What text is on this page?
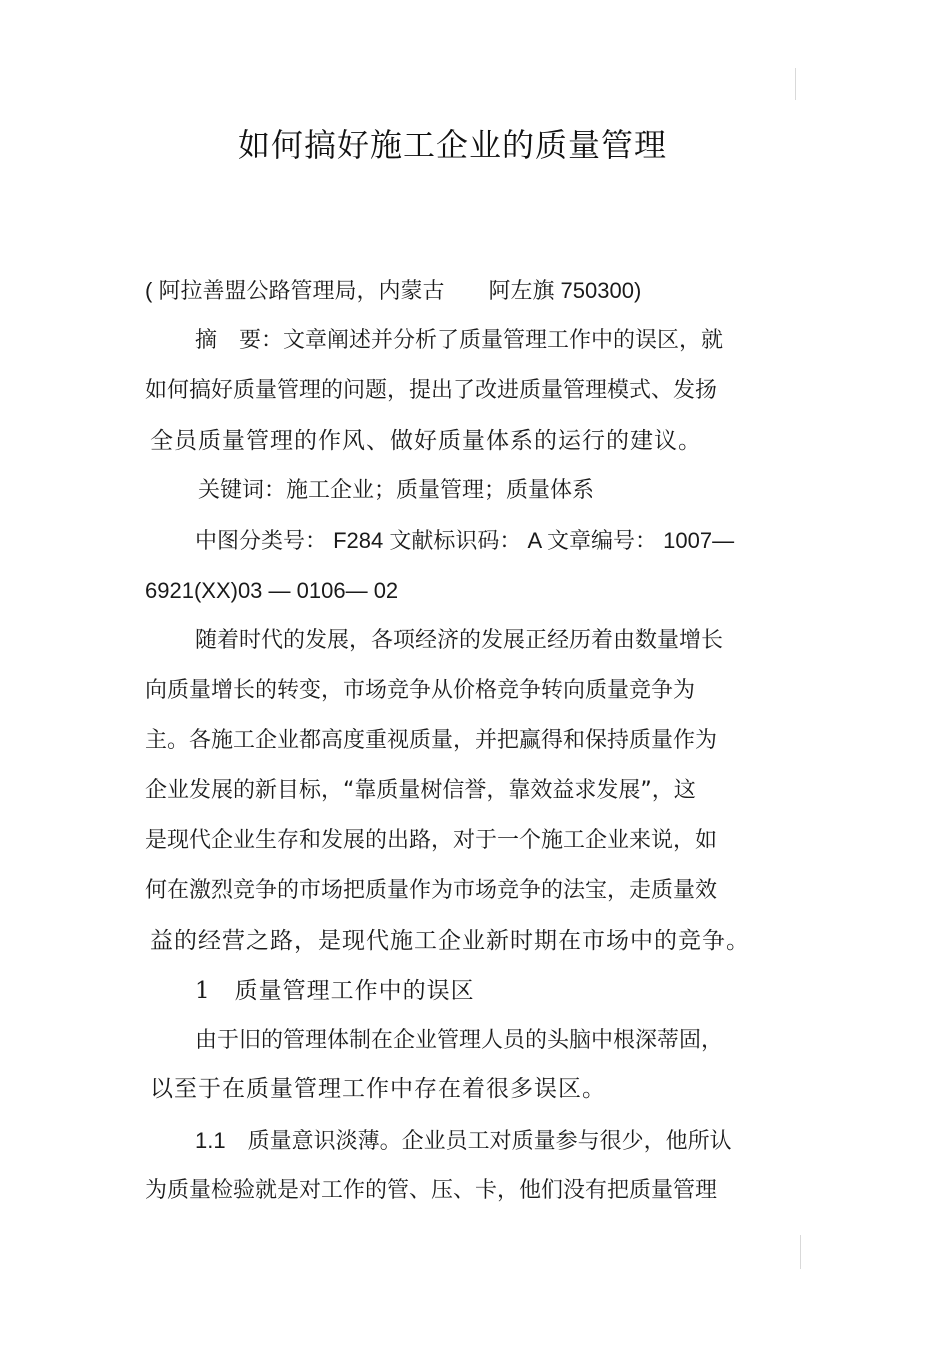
如何搞好施工企业的质量管理
( 阿拉善盟公路管理局，内蒙古　　阿左旗 750300)
摘　要：文章阐述并分析了质量管理工作中的误区，就
如何搞好质量管理的问题，提出了改进质量管理模式、发扬
全员质量管理的作风、做好质量体系的运行的建议。
关键词：施工企业；质量管理；质量体系
中图分类号： F284 文献标识码： A 文章编号： 1007—
6921(XX)03 — 0106— 02
随着时代的发展，各项经济的发展正经历着由数量增长
向质量增长的转变，市场竞争从价格竞争转向质量竞争为
主。各施工企业都高度重视质量，并把赢得和保持质量作为
企业发展的新目标，“靠质量树信誉，靠效益求发展”，这
是现代企业生存和发展的出路，对于一个施工企业来说，如
何在激烈竞争的市场把质量作为市场竞争的法宝，走质量效
益的经营之路，是现代施工企业新时期在市场中的竞争。
1　质量管理工作中的误区
由于旧的管理体制在企业管理人员的头脑中根深蒂固，
以至于在质量管理工作中存在着很多误区。
1.1　质量意识淡薄。企业员工对质量参与很少，他所认
为质量检验就是对工作的管、压、卡，他们没有把质量管理
